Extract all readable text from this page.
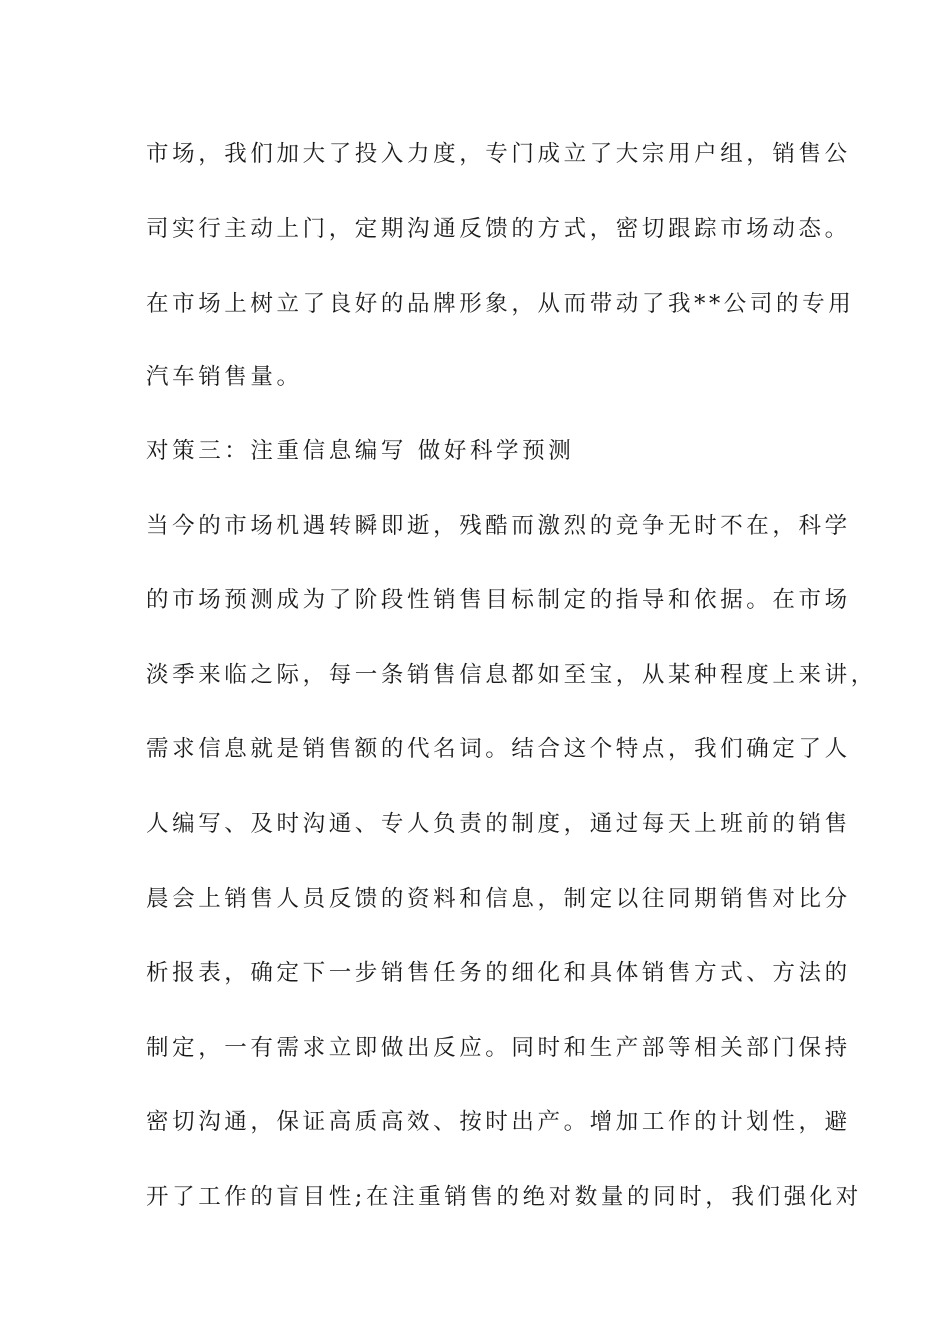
市场，我们加大了投入力度，专门成立了大宗用户组，销售公
司实行主动上门，定期沟通反馈的方式，密切跟踪市场动态。
在市场上树立了良好的品牌形象，从而带动了我**公司的专用
汽车销售量。
对策三：注重信息编写 做好科学预测
当今的市场机遇转瞬即逝，残酷而激烈的竞争无时不在，科学
的市场预测成为了阶段性销售目标制定的指导和依据。在市场
淡季来临之际，每一条销售信息都如至宝，从某种程度上来讲，
需求信息就是销售额的代名词。结合这个特点，我们确定了人
人编写、及时沟通、专人负责的制度，通过每天上班前的销售
晨会上销售人员反馈的资料和信息，制定以往同期销售对比分
析报表，确定下一步销售任务的细化和具体销售方式、方法的
制定，一有需求立即做出反应。同时和生产部等相关部门保持
密切沟通，保证高质高效、按时出产。增加工作的计划性，避
开了工作的盲目性;在注重销售的绝对数量的同时，我们强化对
